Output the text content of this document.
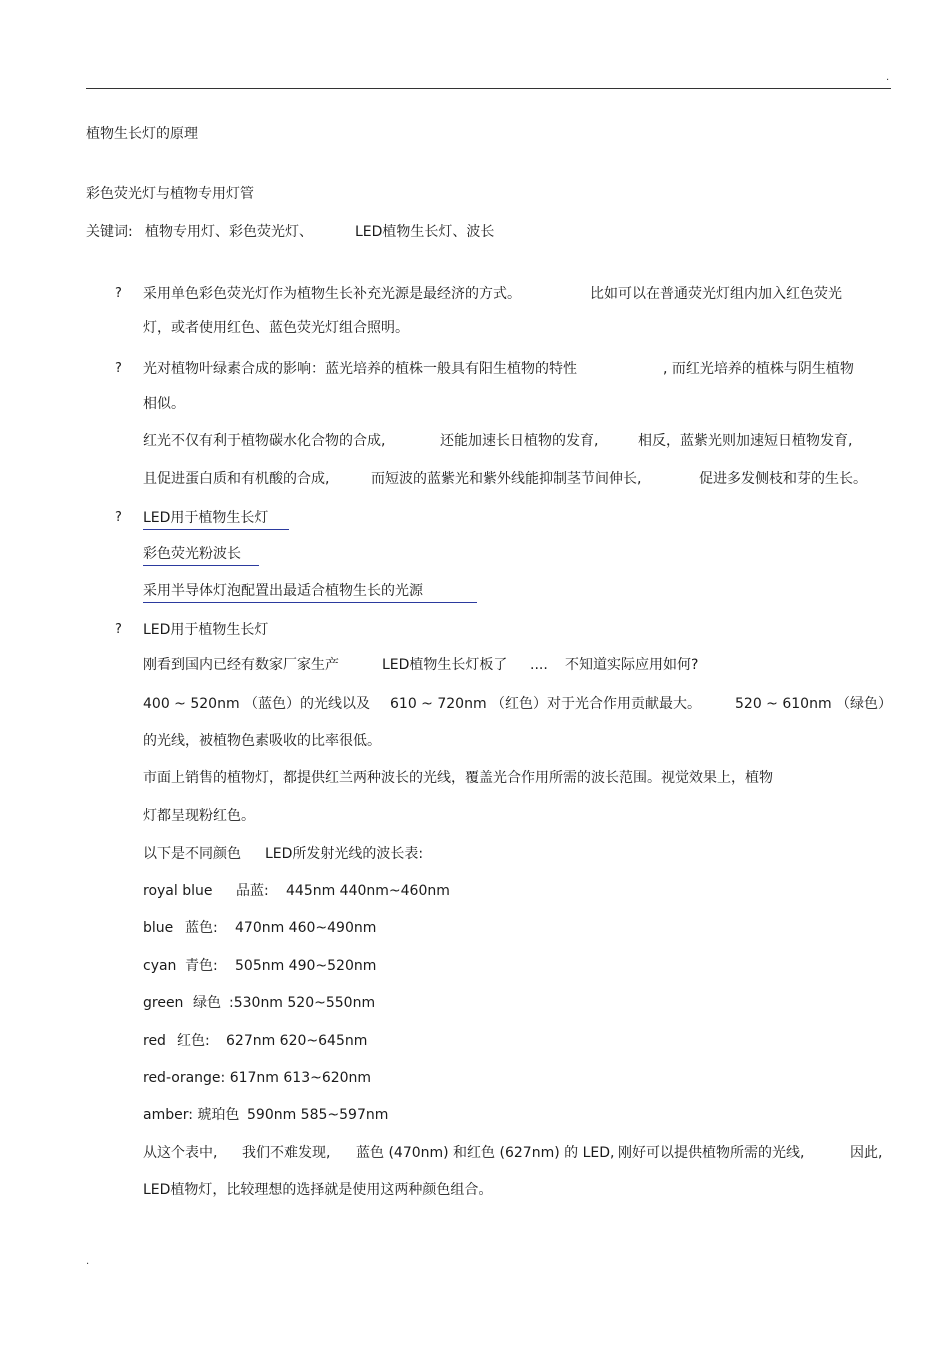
.
植物生长灯的原理
彩色荧光灯与植物专用灯管
关键词: 植物专用灯、彩色荧光灯、	LED植物生长灯、波长
? 采用单色彩色荧光灯作为植物生长补充光源是最经济的方式。	比如可以在普通荧光灯组内加入红色荧光
灯，或者使用红色、蓝色荧光灯组合照明。
? 光对植物叶绿素合成的影响：蓝光培养的植株一般具有阳生植物的特性	, 而红光培养的植株与阴生植物
相似。
红光不仅有利于植物碳水化合物的合成,	还能加速长日植物的发育,	相反，蓝紫光则加速短日植物发育,
且促进蛋白质和有机酸的合成,	而短波的蓝紫光和紫外线能抑制茎节间伸长,	促进多发侧枝和芽的生长。
? LED用于植物生长灯
彩色荧光粉波长
采用半导体灯泡配置出最适合植物生长的光源
? LED用于植物生长灯
刚看到国内已经有数家厂家生产	LED植物生长灯板了 .... 不知道实际应用如何?
400 ~ 520nm （蓝色）的光线以及 610 ~ 720nm （红色）对于光合作用贡献最大。 520 ~ 610nm （绿色）
的光线，被植物色素吸收的比率很低。
市面上销售的植物灯，都提供红兰两种波长的光线，覆盖光合作用所需的波长范围。视觉效果上，植物
灯都呈现粉红色。
以下是不同颜色 LED所发射光线的波长表:
royal blue 品蓝: 445nm 440nm~460nm
blue 蓝色: 470nm 460~490nm
cyan 青色: 505nm 490~520nm
green 绿色 :530nm 520~550nm
red 红色: 627nm 620~645nm
red-orange: 617nm 613~620nm
amber: 琥珀色 590nm 585~597nm
从这个表中, 我们不难发现, 蓝色 (470nm) 和红色 (627nm) 的 LED, 刚好可以提供植物所需的光线,	因此,
LED植物灯，比较理想的选择就是使用这两种颜色组合。
.
